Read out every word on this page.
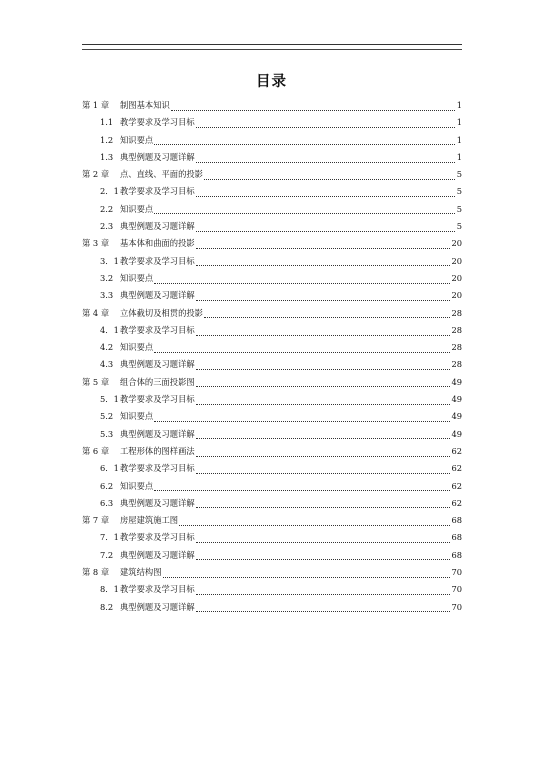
目录
第 1 章	制图基本知识	1
1.1 教学要求及学习目标	1
1.2 知识要点	1
1.3 典型例题及习题详解	1
第 2 章	点、直线、平面的投影	5
2．1 教学要求及学习目标	5
2.2 知识要点	5
2.3 典型例题及习题详解	5
第 3 章	基本体和曲面的投影	20
3．1 教学要求及学习目标	20
3.2 知识要点	20
3.3 典型例题及习题详解	20
第 4 章	立体截切及相贯的投影	28
4．1 教学要求及学习目标	28
4.2 知识要点	28
4.3 典型例题及习题详解	28
第 5 章	组合体的三面投影图	49
5．1 教学要求及学习目标	49
5.2 知识要点	49
5.3 典型例题及习题详解	49
第 6 章	工程形体的图样画法	62
6．1 教学要求及学习目标	62
6.2 知识要点	62
6.3 典型例题及习题详解	62
第 7 章	房屋建筑施工图	68
7．1 教学要求及学习目标	68
7.2 典型例题及习题详解	68
第 8 章	建筑结构图	70
8．1 教学要求及学习目标	70
8.2 典型例题及习题详解	70
